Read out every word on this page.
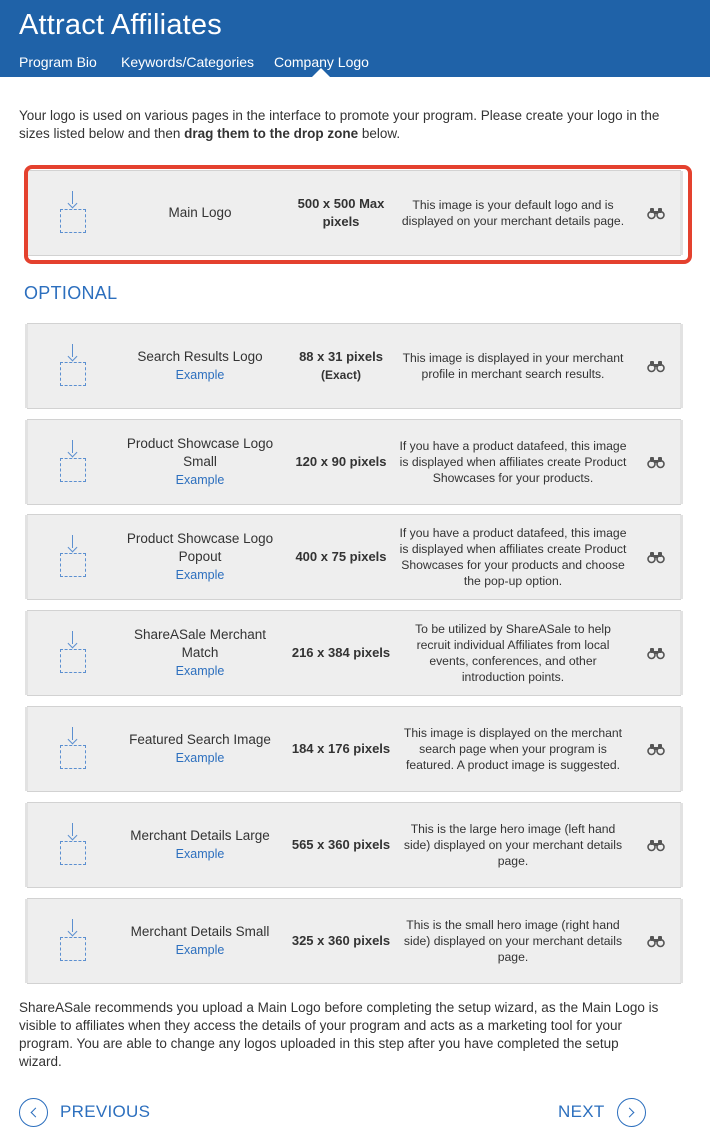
Attract Affiliates
Program Bio Keywords/Categories Company Logo

Your logo is used on various pages in the interface to promote your program. Please create your logo in the sizes listed below and then drag them to the drop zone below.

Main Logo
500 x 500 Max pixels
This image is your default logo and is displayed on your merchant details page.
OPTIONAL
Search Results Logo
Example
88 x 31 pixels
(Exact)
This image is displayed in your merchant profile in merchant search results.
Product Showcase Logo Small
Example
120 x 90 pixels
If you have a product datafeed, this image is displayed when affiliates create Product Showcases for your products.
Product Showcase Logo Popout
Example
400 x 75 pixels
If you have a product datafeed, this image is displayed when affiliates create Product Showcases for your products and choose the pop-up option.
ShareASale Merchant Match
Example
216 x 384 pixels
To be utilized by ShareASale to help recruit individual Affiliates from local events, conferences, and other introduction points.
Featured Search Image
Example
184 x 176 pixels
This image is displayed on the merchant search page when your program is featured. A product image is suggested.
Merchant Details Large
Example
565 x 360 pixels
This is the large hero image (left hand side) displayed on your merchant details page.
Merchant Details Small
Example
325 x 360 pixels
This is the small hero image (right hand side) displayed on your merchant details page.

ShareASale recommends you upload a Main Logo before completing the setup wizard, as the Main Logo is visible to affiliates when they access the details of your program and acts as a marketing tool for your program. You are able to change any logos uploaded in this step after you have completed the setup wizard.

PREVIOUS	NEXT
